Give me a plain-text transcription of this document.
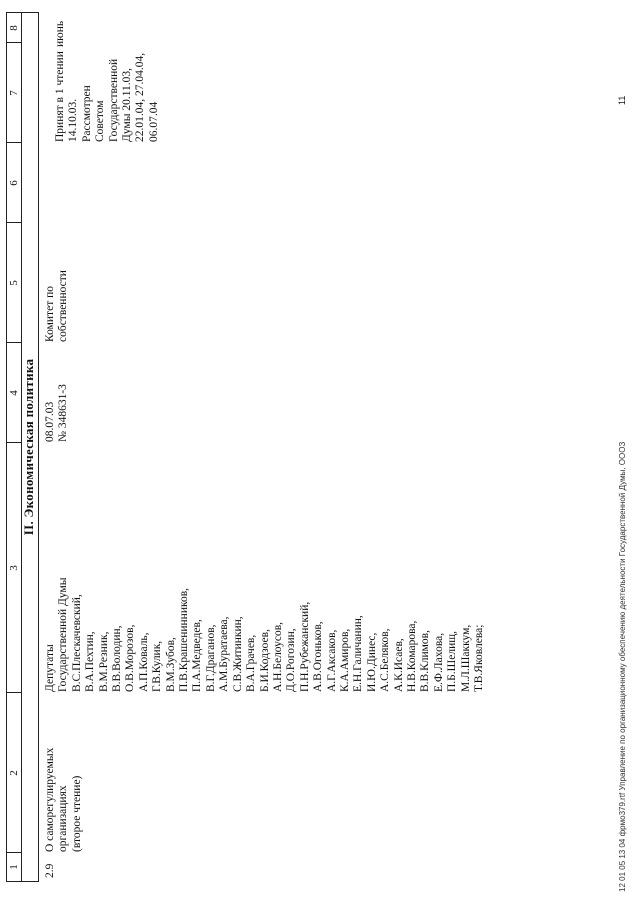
1
2
3
4
5
6
7
8
II. Экономическая политика
2.9
О саморегулируемых
организациях
(второе чтение)
Депутаты
Государственной Думы
В.С.Плескачевский,
В.А.Пехтин,
В.М.Резник,
В.В.Володин,
О.В.Морозов,
А.П.Коваль,
Г.В.Кулик,
В.М.Зубов,
П.В.Крашенинников,
П.А.Медведев,
В.Г.Драганов,
А.М.Буратаева,
С.В.Житинкин,
В.А.Грачев,
Б.И.Кодзоев,
А.Н.Белоусов,
Д.О.Рогозин,
П.Н.Рубежанский,
А.В.Огоньков,
А.Г.Аксаков,
К.А.Амиров,
Е.Н.Галичанин,
И.Ю.Динес,
А.С.Беляков,
А.К.Исаев,
Н.В.Комарова,
В.В.Климов,
Е.Ф.Лахова,
П.Б.Шелищ,
М.Л.Шаккум,
Т.В.Яковлева;
08.07.03
№ 348631-3
Комитет по
собственности
Принят в 1 чтении
14.10.03.
Рассмотрен
Советом
Государственной
Думы 20.11.03,
22.01.04, 27.04.04,
06.07.04
июнь
12 01 05 13 04 фрмо379.rtf Управление по организационному обеспечению деятельности Государственной Думы, ОООЗ
11
